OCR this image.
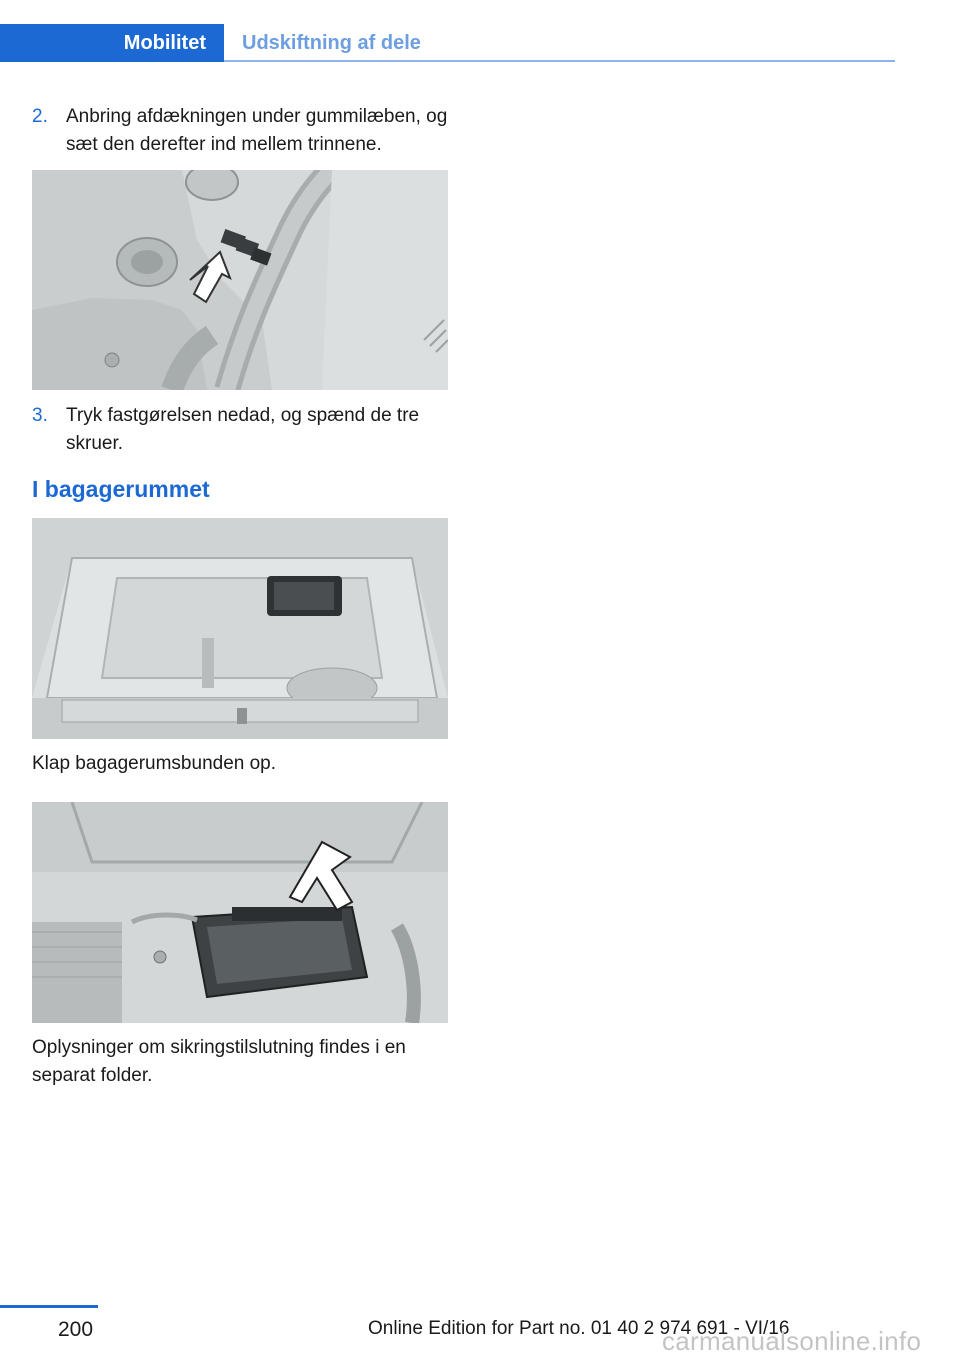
Mobilitet	Udskiftning af dele
2. Anbring afdækningen under gummilæben, og sæt den derefter ind mellem trinnene.
3. Tryk fastgørelsen nedad, og spænd de tre skruer.
I bagagerummet
Klap bagagerumsbunden op.
Oplysninger om sikringstilslutning findes i en separat folder.
200	Online Edition for Part no. 01 40 2 974 691 - VI/16
carmanualsonline.info
